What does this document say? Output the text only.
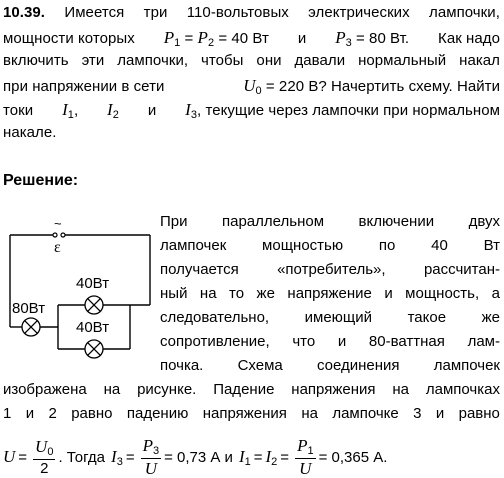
10.39. Имеется три 110-вольтовых электрических лампочки,
мощности которых $P_1 = P_2 = 40$ Вт и $P_3 = 80$ Вт. Как надо
включить эти лампочки, чтобы они давали нормальный накал
при напряжении в сети	$U_0 = 220$ В? Начертить схему. Найти
токи $I_1$, $I_2$ и $I_3$, текущие через лампочки при нормальном
накале.
Решение:
~
ε
80Вт
40Вт
40Вт
При параллельном включении двух
лампочек мощностью по 40 Вт
получается	«потребитель»,	рассчитан-
ный на то же напряжение и мощность, а
следовательно, имеющий такое же
сопротивление, что и 80-ваттная лам-
почка. Схема соединения лампочек
изображена на рисунке. Падение напряжения на лампочках
1 и 2 равно падению напряжения на лампочке 3 и равно
$U = \frac{U_0}{2}$ . Тогда $I_3 = \frac{P_3}{U} = 0,73$ А и $I_1 = I_2 = \frac{P_1}{U} = 0,365$ А.
